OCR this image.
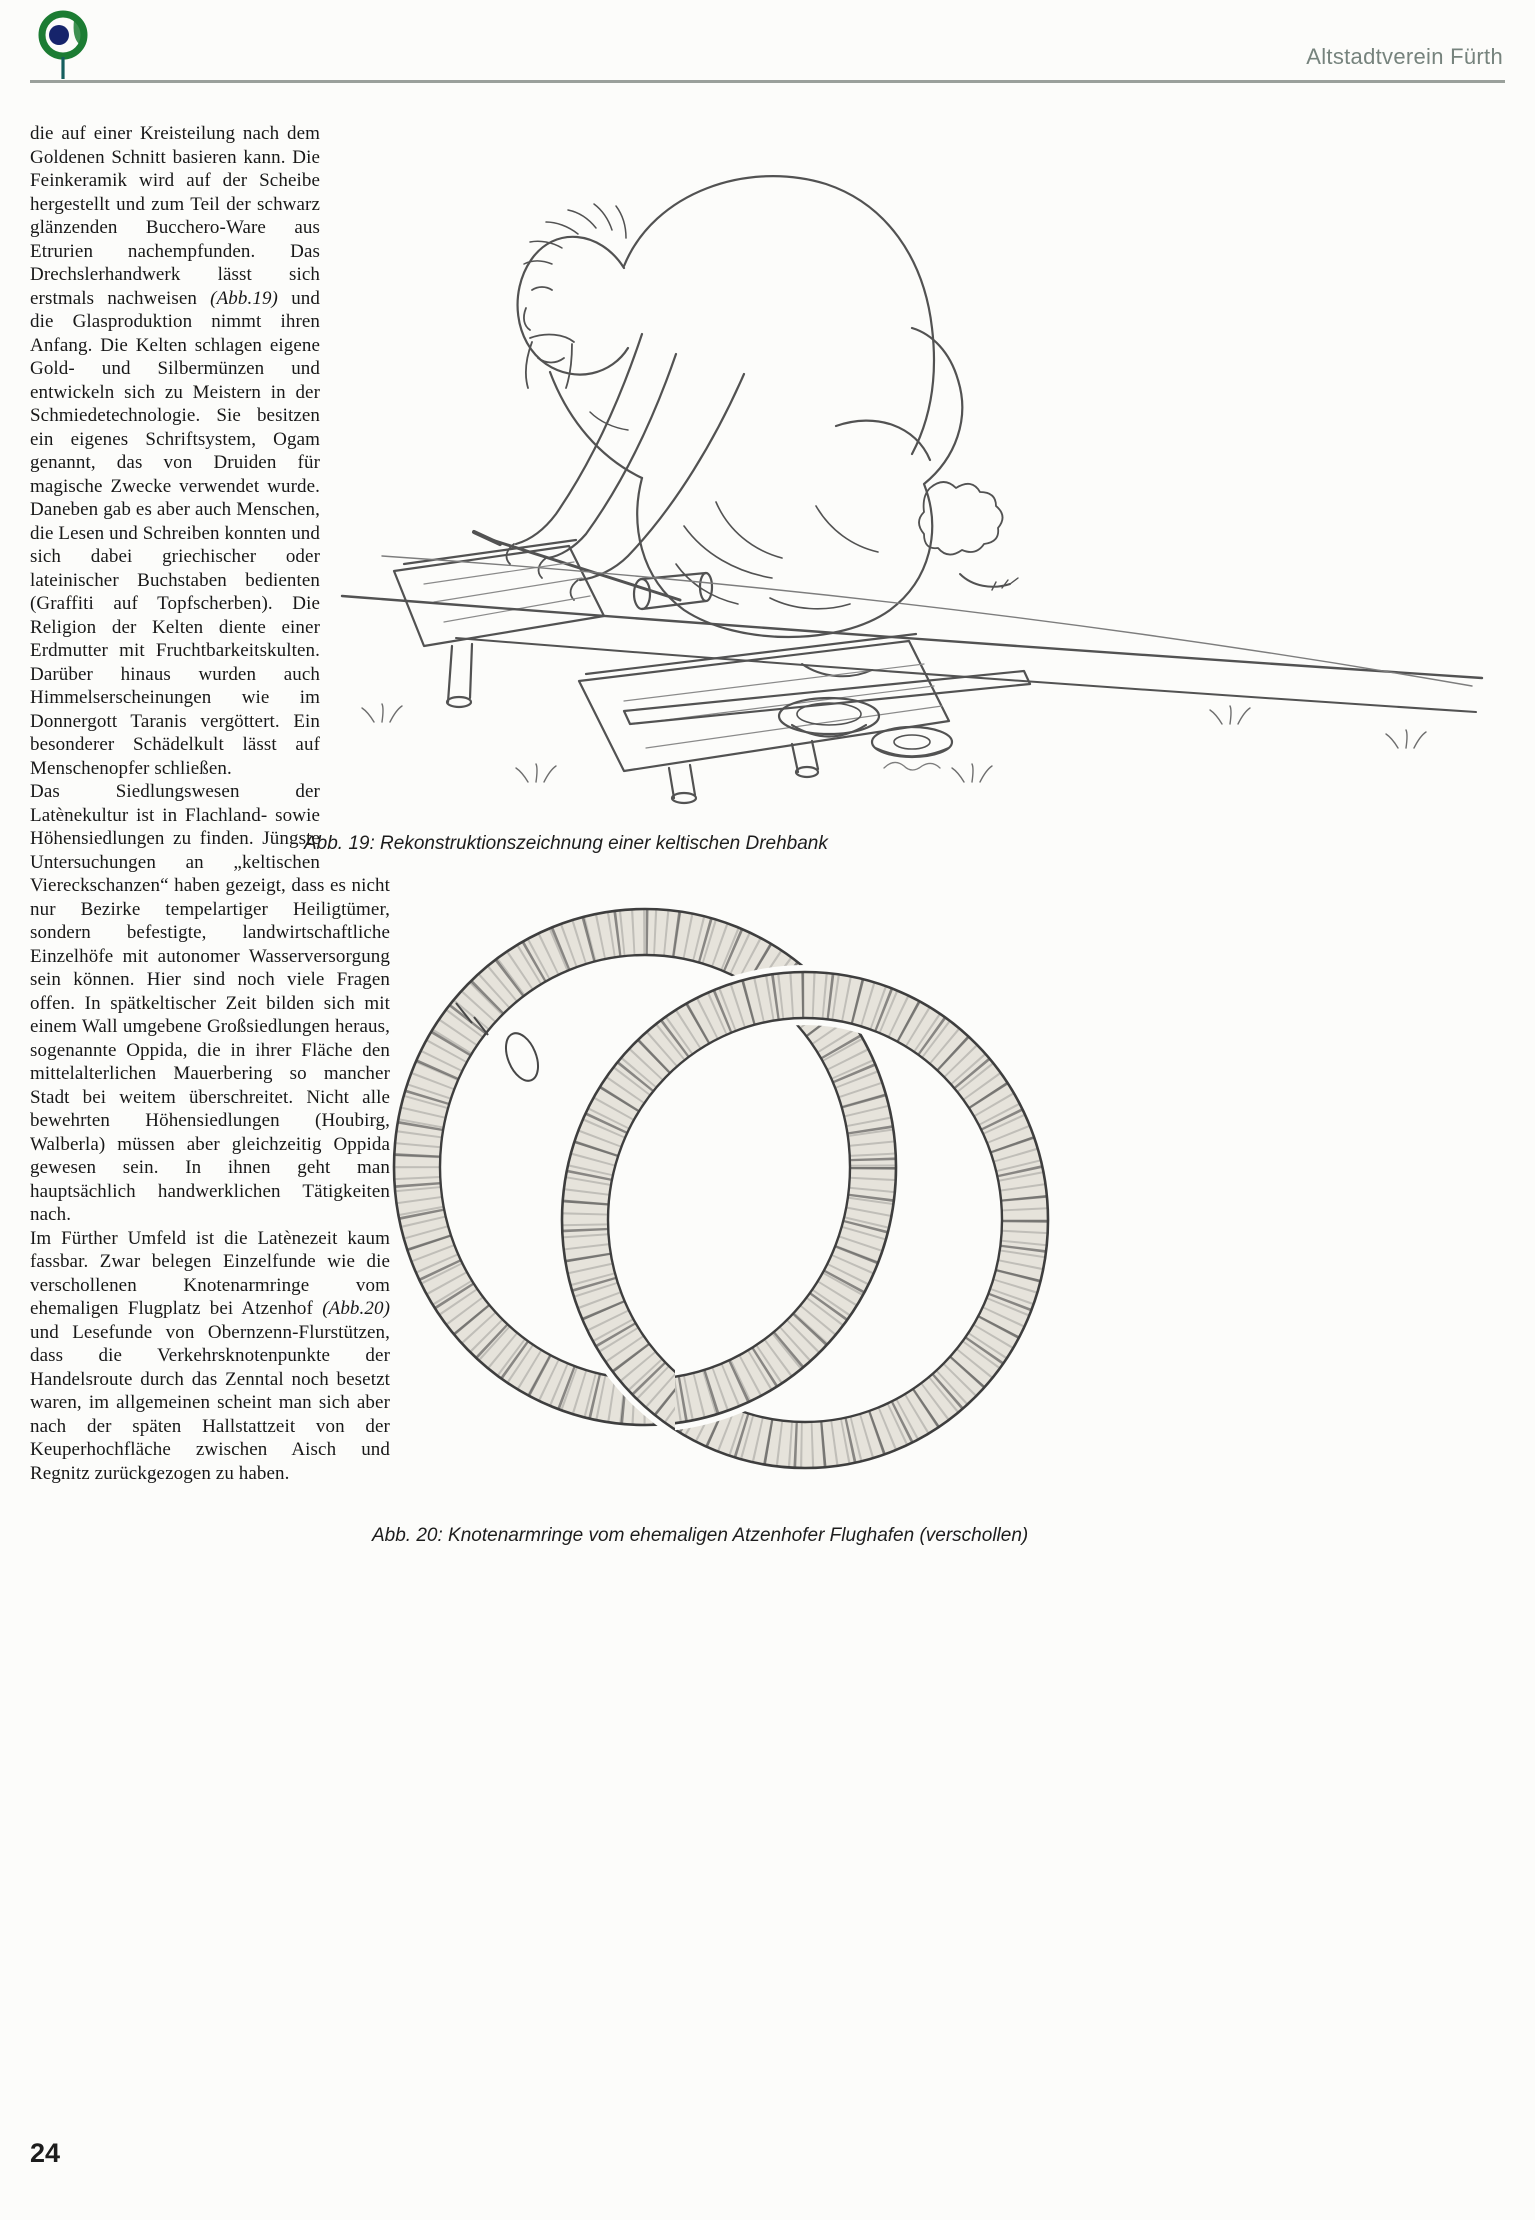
Altstadtverein Fürth
Abb. 19: Rekonstruktionszeichnung einer keltischen Drehbank
Abb. 20: Knotenarmringe vom ehemaligen Atzenhofer Flughafen (verschollen)

die auf einer Kreisteilung nach dem Goldenen Schnitt basieren kann. Die Feinkeramik wird auf der Scheibe hergestellt und zum Teil der schwarz glänzenden Bucchero-Ware aus Etrurien nachempfunden. Das Drechslerhandwerk lässt sich erstmals nachweisen (Abb.19) und die Glasproduktion nimmt ihren Anfang. Die Kelten schlagen eigene Gold- und Silbermünzen und entwickeln sich zu Meistern in der Schmiedetechnologie. Sie besitzen ein eigenes Schriftsystem, Ogam genannt, das von Druiden für magische Zwecke verwendet wurde. Daneben gab es aber auch Menschen, die Lesen und Schreiben konnten und sich dabei griechischer oder lateinischer Buchstaben bedienten (Graffiti auf Topfscherben). Die Religion der Kelten diente einer Erdmutter mit Fruchtbarkeitskulten. Darüber hinaus wurden auch Himmelserscheinungen wie im Donnergott Taranis vergöttert. Ein besonderer Schädelkult lässt auf Menschenopfer schließen.

Das Siedlungswesen der Latènekultur ist in Flachland- sowie Höhensiedlungen zu finden. Jüngste Untersuchungen an „keltischen Viereckschanzen“ haben gezeigt, dass es nicht nur Bezirke tempelartiger Heiligtümer, sondern befestigte, landwirtschaftliche Einzelhöfe mit autonomer Wasserversorgung sein können. Hier sind noch viele Fragen offen. In spätkeltischer Zeit bilden sich mit einem Wall umgebene Großsiedlungen heraus, sogenannte Oppida, die in ihrer Fläche den mittelalterlichen Mauerbering so mancher Stadt bei weitem überschreitet. Nicht alle bewehrten Höhensiedlungen (Houbirg, Walberla) müssen aber gleichzeitig Oppida gewesen sein. In ihnen geht man hauptsächlich handwerklichen Tätigkeiten nach.

Im Fürther Umfeld ist die Latènezeit kaum fassbar. Zwar belegen Einzelfunde wie die verschollenen Knotenarmringe vom ehemaligen Flugplatz bei Atzenhof (Abb.20) und Lesefunde von Obernzenn-Flurstützen, dass die Verkehrsknotenpunkte der Handelsroute durch das Zenntal noch besetzt waren, im allgemeinen scheint man sich aber nach der späten Hallstattzeit von der Keuperhochfläche zwischen Aisch und Regnitz zurückgezogen zu haben.

24
